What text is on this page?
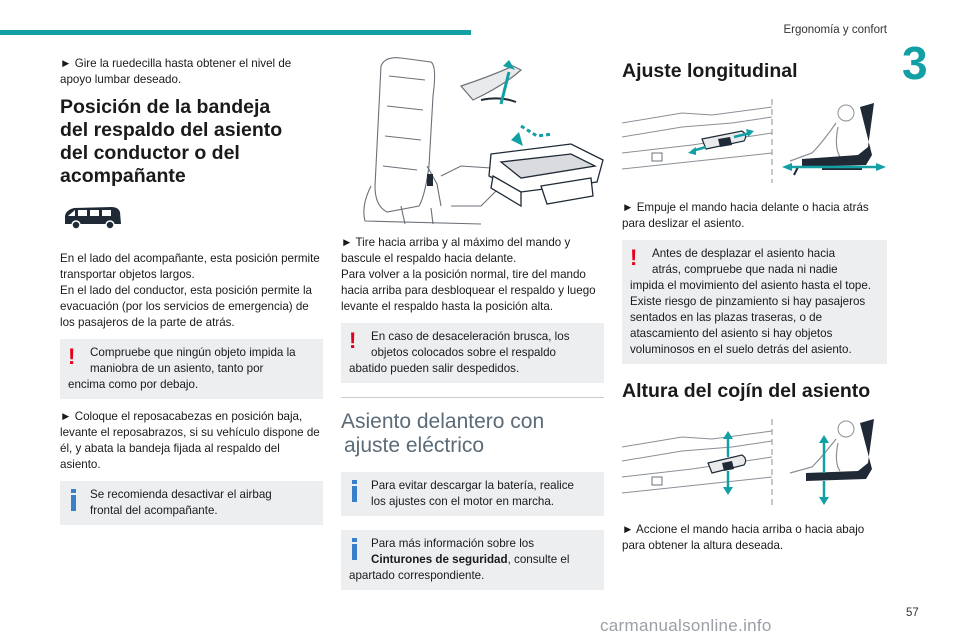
Ergonomía y confort
3
► Gire la ruedecilla hasta obtener el nivel de apoyo lumbar deseado.
Posición de la bandeja
del respaldo del asiento
del conductor o del
acompañante
En el lado del acompañante, esta posición permite transportar objetos largos.
En el lado del conductor, esta posición permite la evacuación (por los servicios de emergencia) de los pasajeros de la parte de atrás.
!	Compruebe que ningún objeto impida la
maniobra de un asiento, tanto por
encima como por debajo.
► Coloque el reposacabezas en posición baja, levante el reposabrazos, si su vehículo dispone de él, y abata la bandeja fijada al respaldo del asiento.
Se recomienda desactivar el airbag
frontal del acompañante.
► Tire hacia arriba y al máximo del mando y bascule el respaldo hacia delante.
Para volver a la posición normal, tire del mando hacia arriba para desbloquear el respaldo y luego levante el respaldo hasta la posición alta.
!	En caso de desaceleración brusca, los
objetos colocados sobre el respaldo
abatido pueden salir despedidos.
Asiento delantero con
ajuste eléctrico
Para evitar descargar la batería, realice
los ajustes con el motor en marcha.
Para más información sobre los
Cinturones de seguridad, consulte el
apartado correspondiente.
Ajuste longitudinal
► Empuje el mando hacia delante o hacia atrás para deslizar el asiento.
!	Antes de desplazar el asiento hacia
atrás, compruebe que nada ni nadie
impida el movimiento del asiento hasta el tope.
Existe riesgo de pinzamiento si hay pasajeros sentados en las plazas traseras, o de atascamiento del asiento si hay objetos voluminosos en el suelo detrás del asiento.
Altura del cojín del asiento
► Accione el mando hacia arriba o hacia abajo para obtener la altura deseada.
57
carmanualsonline.info
